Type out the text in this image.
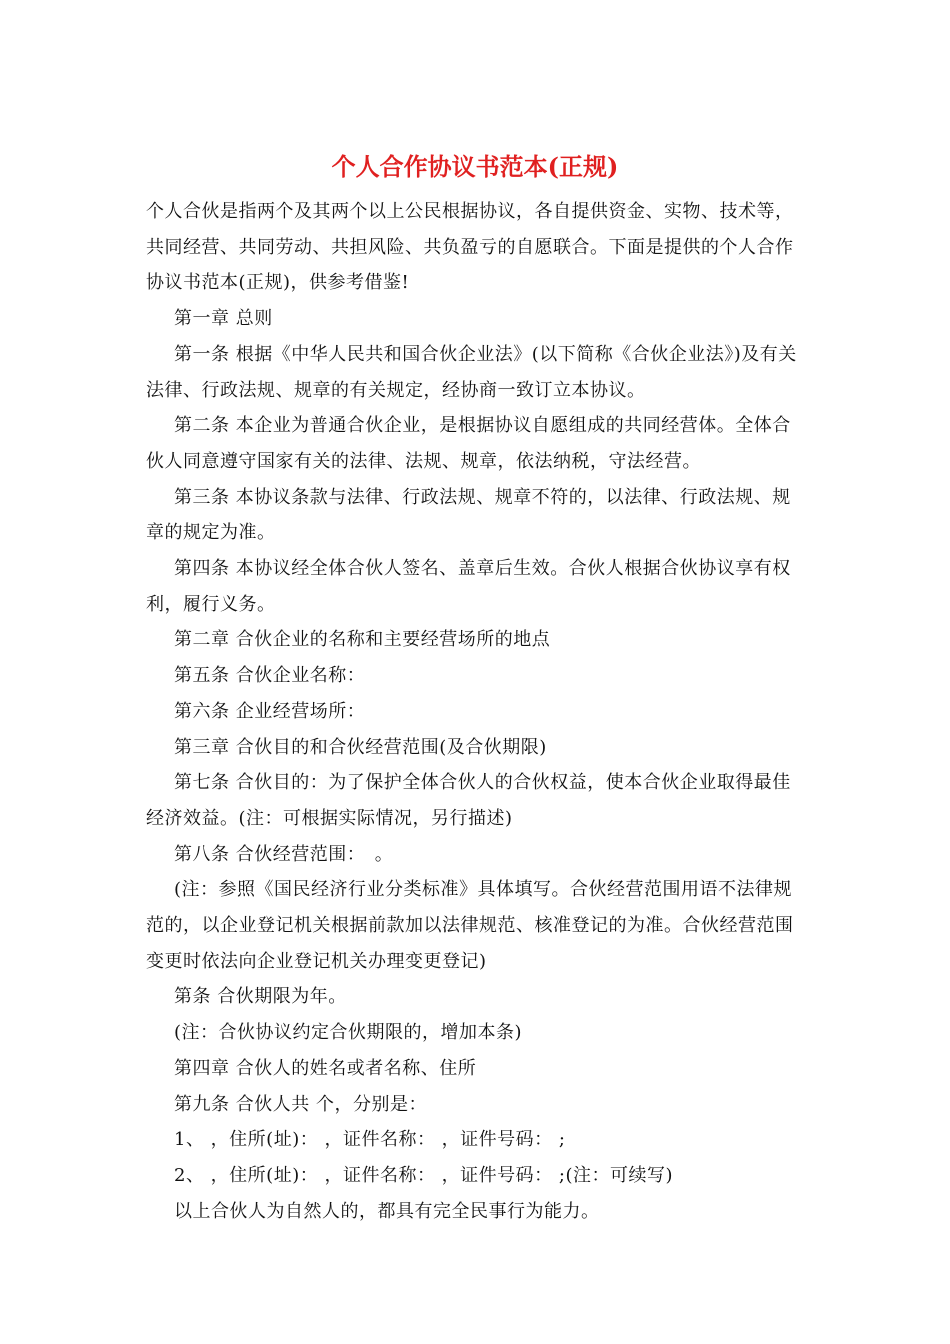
个人合作协议书范本(正规)

个人合伙是指两个及其两个以上公民根据协议，各自提供资金、实物、技术等，共同经营、共同劳动、共担风险、共负盈亏的自愿联合。下面是提供的个人合作协议书范本(正规)，供参考借鉴!

第一章 总则

第一条 根据《中华人民共和国合伙企业法》(以下简称《合伙企业法》)及有关法律、行政法规、规章的有关规定，经协商一致订立本协议。

第二条 本企业为普通合伙企业，是根据协议自愿组成的共同经营体。全体合伙人同意遵守国家有关的法律、法规、规章，依法纳税，守法经营。

第三条 本协议条款与法律、行政法规、规章不符的，以法律、行政法规、规章的规定为准。

第四条 本协议经全体合伙人签名、盖章后生效。合伙人根据合伙协议享有权利，履行义务。

第二章 合伙企业的名称和主要经营场所的地点

第五条 合伙企业名称：

第六条 企业经营场所：

第三章 合伙目的和合伙经营范围(及合伙期限)

第七条 合伙目的：为了保护全体合伙人的合伙权益，使本合伙企业取得最佳经济效益。(注：可根据实际情况，另行描述)

第八条 合伙经营范围：　。

(注：参照《国民经济行业分类标准》具体填写。合伙经营范围用语不法律规范的，以企业登记机关根据前款加以法律规范、核准登记的为准。合伙经营范围变更时依法向企业登记机关办理变更登记)

第条 合伙期限为年。

(注：合伙协议约定合伙期限的，增加本条)

第四章 合伙人的姓名或者名称、住所

第九条 合伙人共 个，分别是：

1、 ，住所(址)： ，证件名称： ，证件号码： ;

2、 ，住所(址)： ，证件名称： ，证件号码： ;(注：可续写)

以上合伙人为自然人的，都具有完全民事行为能力。
